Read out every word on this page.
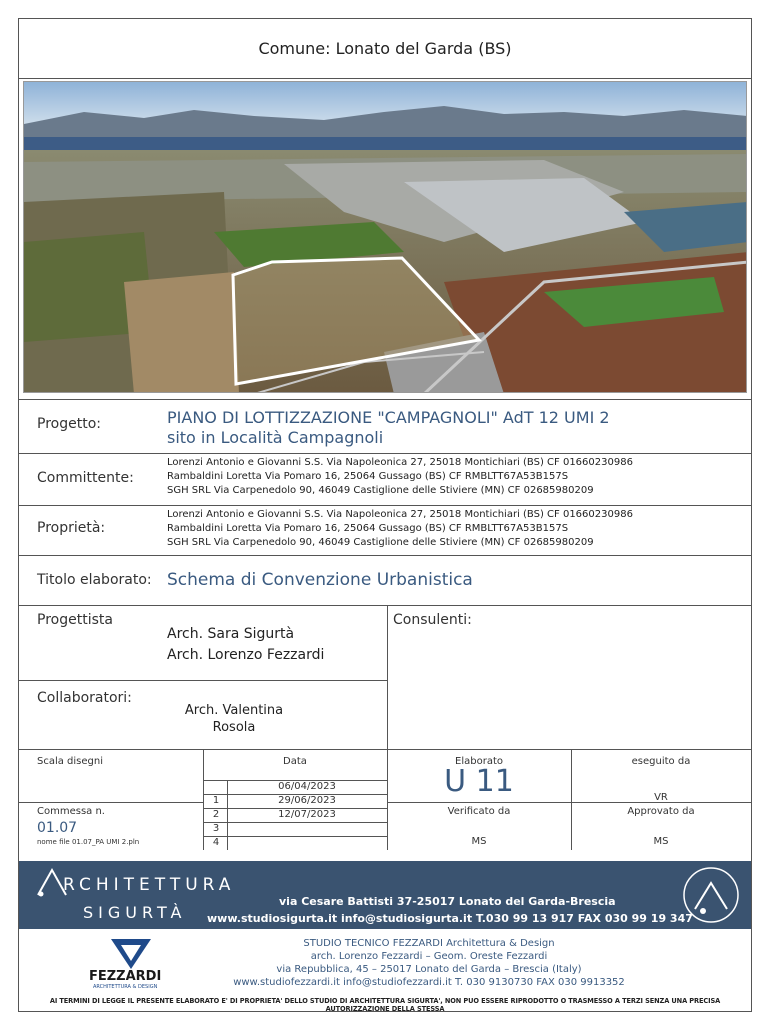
Comune: Lonato del Garda (BS)
Progetto:	PIANO DI LOTTIZZAZIONE "CAMPAGNOLI" AdT 12 UMI 2
sito in Località Campagnoli
Committente:
Lorenzi Antonio e Giovanni S.S. Via Napoleonica 27, 25018 Montichiari (BS) CF 01660230986
Rambaldini Loretta Via Pomaro 16, 25064 Gussago (BS) CF RMBLTT67A53B157S
SGH SRL Via Carpenedolo 90, 46049 Castiglione delle Stiviere (MN) CF 02685980209
Proprietà:
Lorenzi Antonio e Giovanni S.S. Via Napoleonica 27, 25018 Montichiari (BS) CF 01660230986
Rambaldini Loretta Via Pomaro 16, 25064 Gussago (BS) CF RMBLTT67A53B157S
SGH SRL Via Carpenedolo 90, 46049 Castiglione delle Stiviere (MN) CF 02685980209
Titolo elaborato: Schema di Convenzione Urbanistica
Progettista
Arch. Sara Sigurtà
Arch. Lorenzo Fezzardi
Consulenti:
Collaboratori:
Arch. Valentina
Rosola
Scala disegni	Data
06/04/2023
1	29/06/2023
2	12/07/2023
3
4
Commessa n.
01.07
nome file 01.07_PA UMI 2.pln
Elaborato
U 11
Verificato da
MS
eseguito da
VR
Approvato da
MS
RCHITETTURA
SIGURTÀ
via Cesare Battisti 37-25017 Lonato del Garda-Brescia
www.studiosigurta.it info@studiosigurta.it T.030 99 13 917 FAX 030 99 19 347
FEZZARDI
ARCHITETTURA & DESIGN
STUDIO TECNICO FEZZARDI Architettura & Design
arch. Lorenzo Fezzardi – Geom. Oreste Fezzardi
via Repubblica, 45 – 25017 Lonato del Garda – Brescia (Italy)
www.studiofezzardi.it info@studiofezzardi.it T. 030 9130730 FAX 030 9913352
AI TERMINI DI LEGGE IL PRESENTE ELABORATO E' DI PROPRIETA' DELLO STUDIO DI ARCHITETTURA SIGURTA', NON PUO ESSERE RIPRODOTTO O TRASMESSO A TERZI SENZA UNA PRECISA AUTORIZZAZIONE DELLA STESSA
